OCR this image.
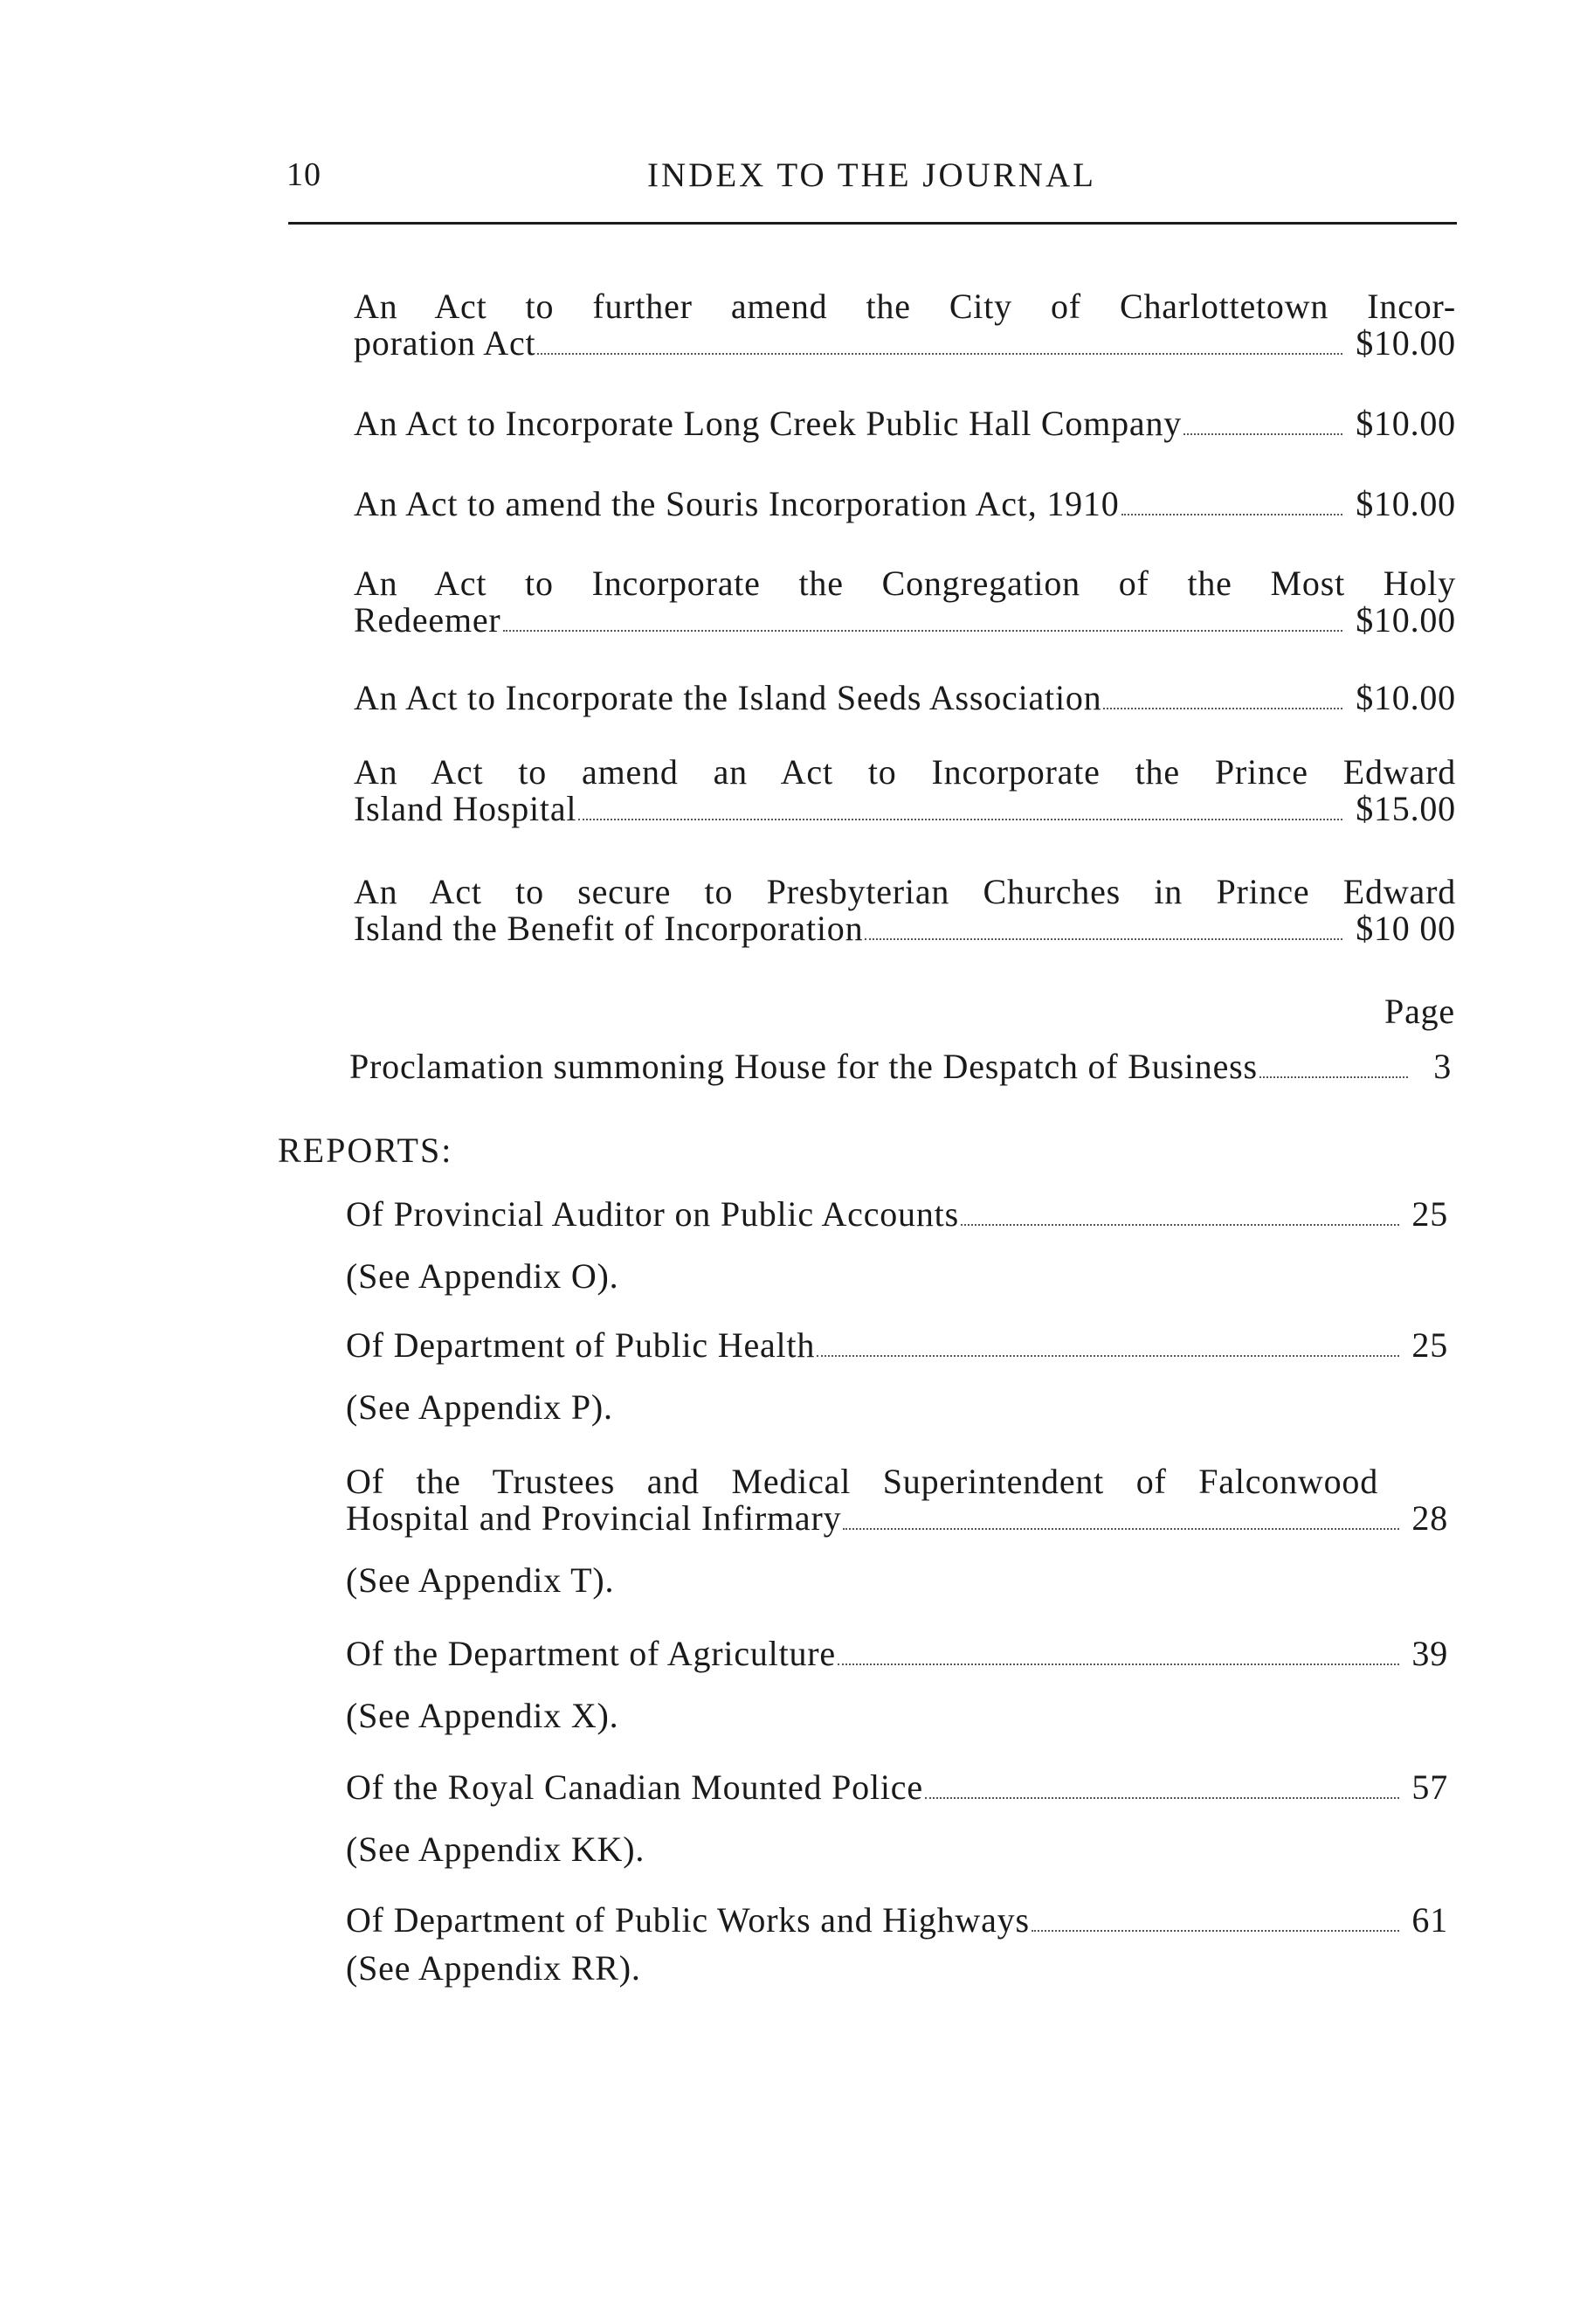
10	INDEX TO THE JOURNAL
An Act to further amend the City of Charlottetown Incor-
poration Act	$10.00
An Act to Incorporate Long Creek Public Hall Company	$10.00
An Act to amend the Souris Incorporation Act, 1910	$10.00
An Act to Incorporate the Congregation of the Most Holy
Redeemer	$10.00
An Act to Incorporate the Island Seeds Association	$10.00
An Act to amend an Act to Incorporate the Prince Edward
Island Hospital	$15.00
An Act to secure to Presbyterian Churches in Prince Edward
Island the Benefit of Incorporation	$10 00
Page
Proclamation summoning House for the Despatch of Business	3
REPORTS:
Of Provincial Auditor on Public Accounts	25
(See Appendix O).
Of Department of Public Health	25
(See Appendix P).
Of the Trustees and Medical Superintendent of Falconwood
Hospital and Provincial Infirmary	28
(See Appendix T).
Of the Department of Agriculture	39
(See Appendix X).
Of the Royal Canadian Mounted Police	57
(See Appendix KK).
Of Department of Public Works and Highways	61
(See Appendix RR).
